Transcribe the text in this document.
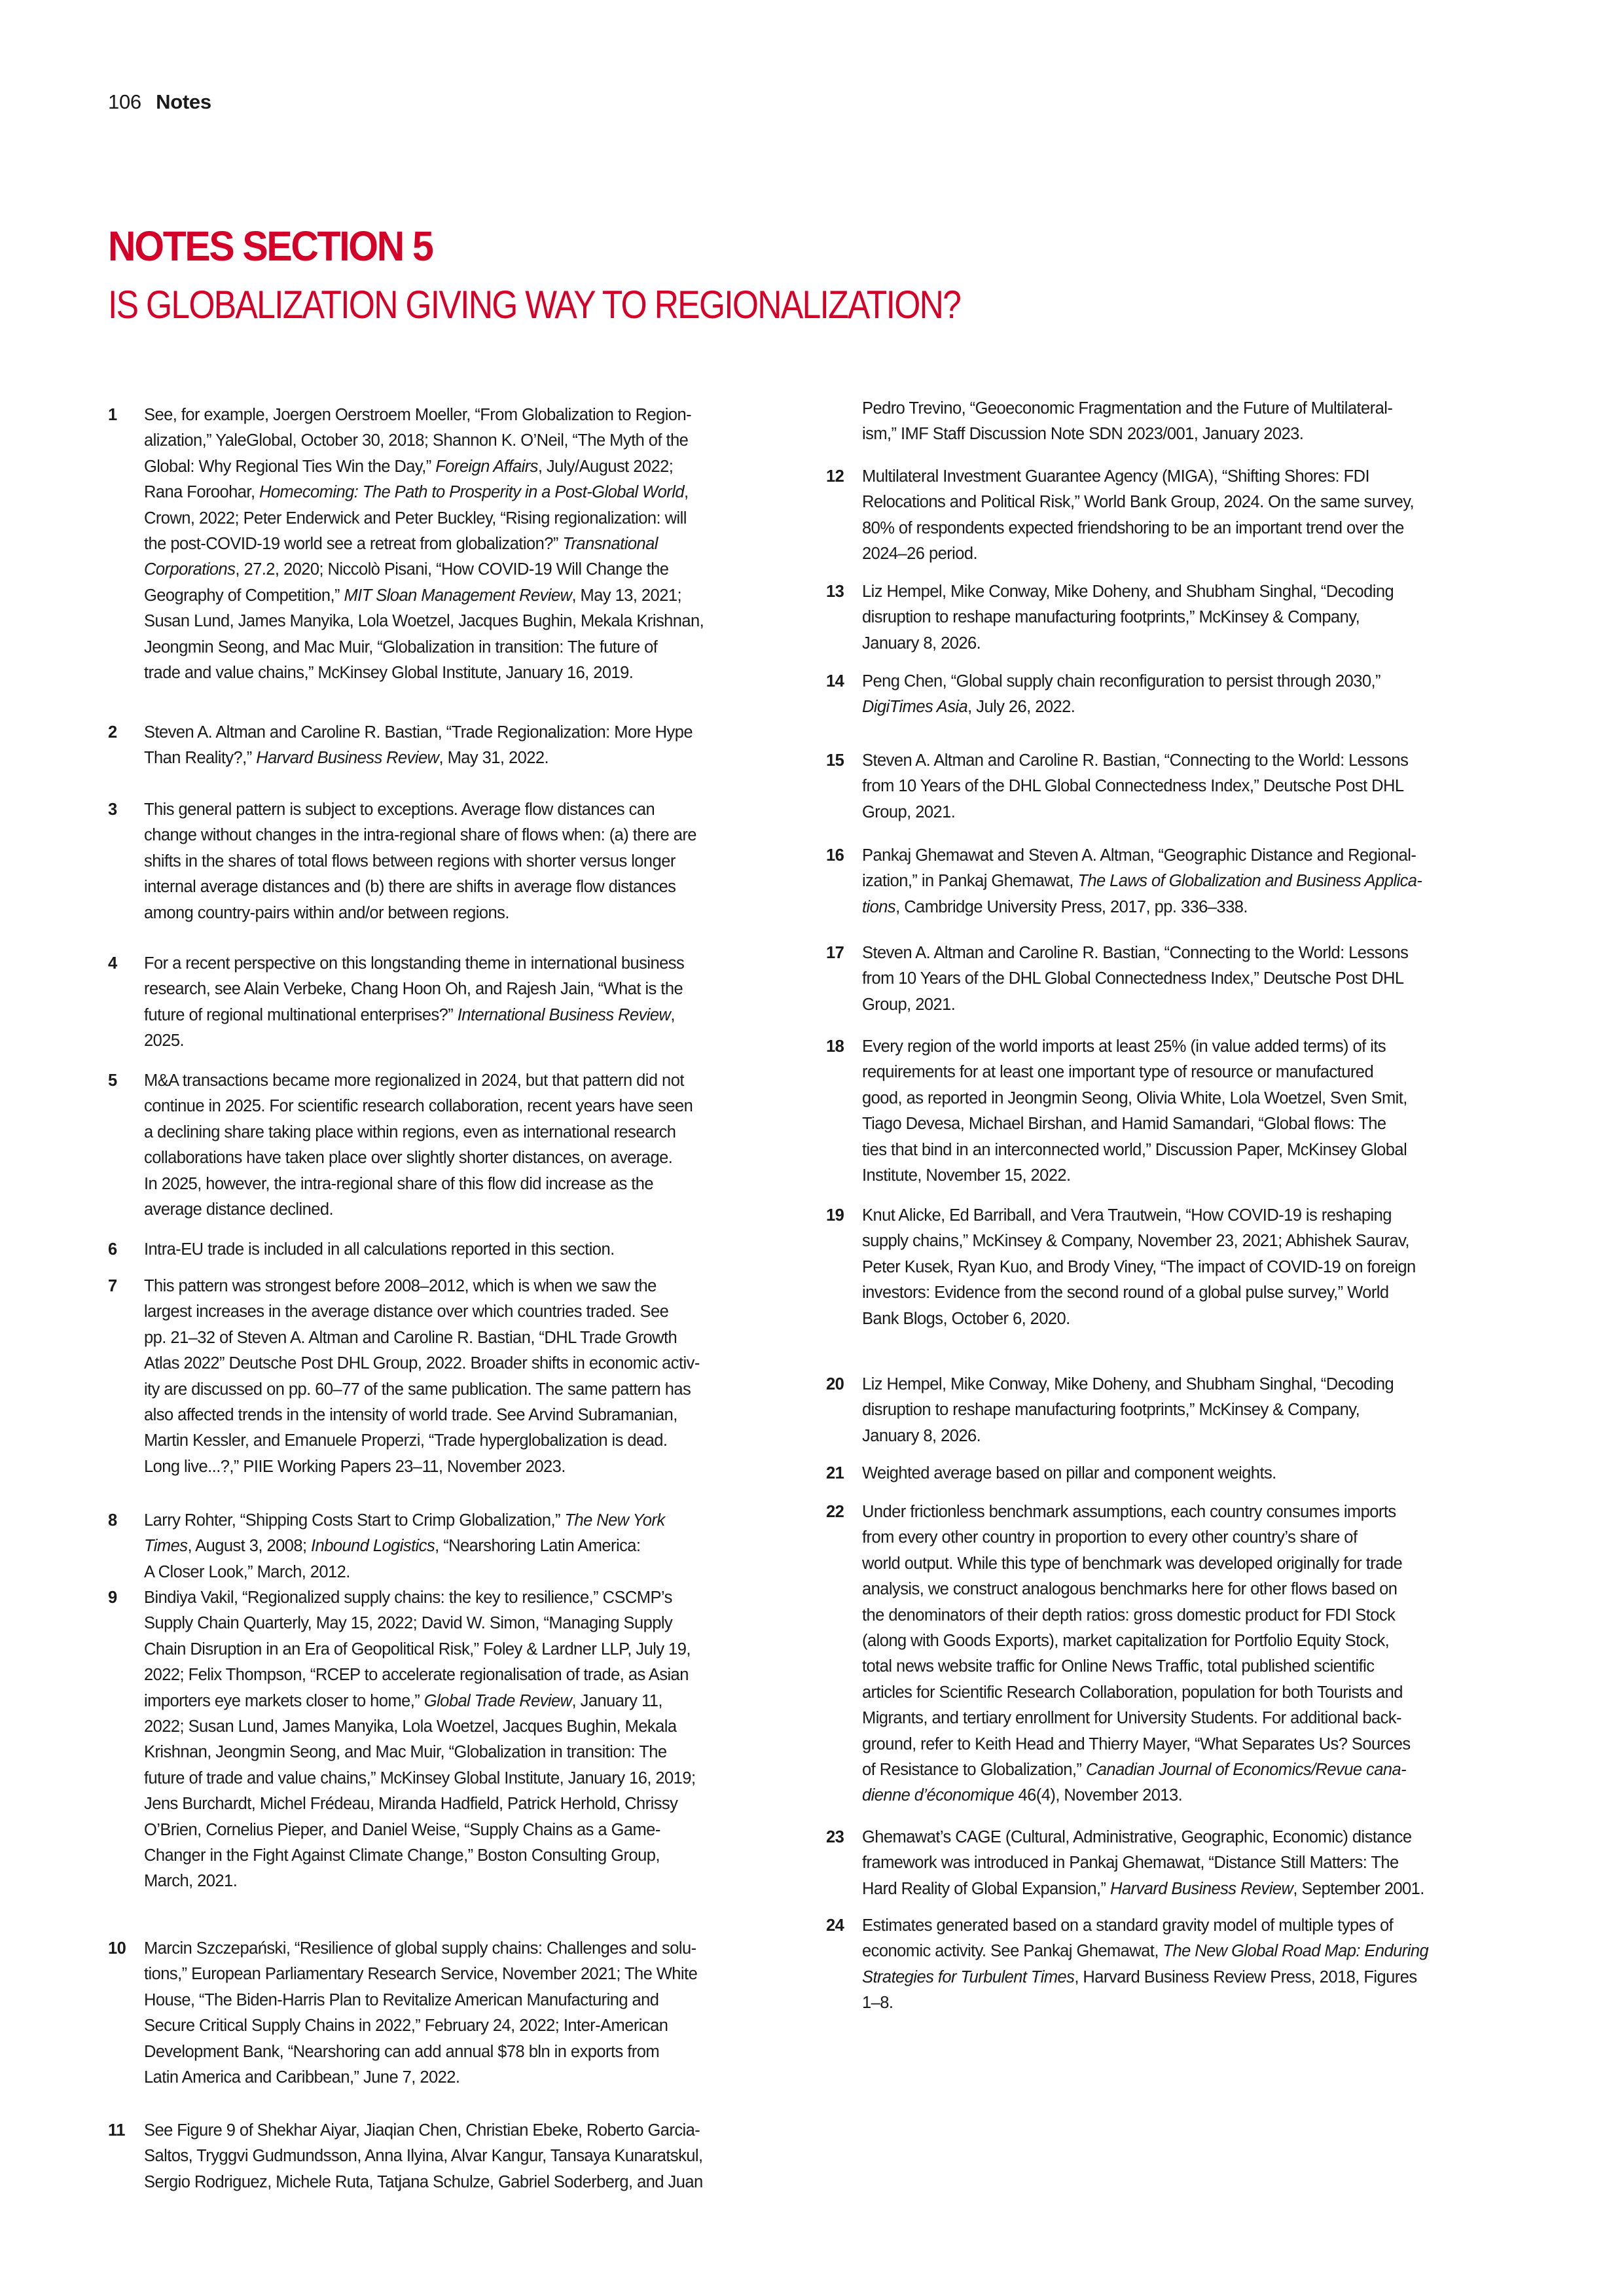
106 Notes
NOTES SECTION 5
IS GLOBALIZATION GIVING WAY TO REGIONALIZATION?
1	See, for example, Joergen Oerstroem Moeller, “From Globalization to Region-
alization,” YaleGlobal, October 30, 2018; Shannon K. O’Neil, “The Myth of the
Global: Why Regional Ties Win the Day,” Foreign Affairs, July/August 2022;
Rana Foroohar, Homecoming: The Path to Prosperity in a Post-Global World,
Crown, 2022; Peter Enderwick and Peter Buckley, “Rising regionalization: will
the post-COVID-19 world see a retreat from globalization?” Transnational
Corporations, 27.2, 2020; Niccolò Pisani, “How COVID-19 Will Change the
Geography of Competition,” MIT Sloan Management Review, May 13, 2021;
Susan Lund, James Manyika, Lola Woetzel, Jacques Bughin, Mekala Krishnan,
Jeongmin Seong, and Mac Muir, “Globalization in transition: The future of
trade and value chains,” McKinsey Global Institute, January 16, 2019.
2	Steven A. Altman and Caroline R. Bastian, “Trade Regionalization: More Hype
Than Reality?,” Harvard Business Review, May 31, 2022.
3	This general pattern is subject to exceptions. Average flow distances can
change without changes in the intra-regional share of flows when: (a) there are
shifts in the shares of total flows between regions with shorter versus longer
internal average distances and (b) there are shifts in average flow distances
among country-pairs within and/or between regions.
4	For a recent perspective on this longstanding theme in international business
research, see Alain Verbeke, Chang Hoon Oh, and Rajesh Jain, “What is the
future of regional multinational enterprises?” International Business Review,
2025.
5	M&A transactions became more regionalized in 2024, but that pattern did not
continue in 2025. For scientific research collaboration, recent years have seen
a declining share taking place within regions, even as international research
collaborations have taken place over slightly shorter distances, on average.
In 2025, however, the intra-regional share of this flow did increase as the
average distance declined.
6	Intra-EU trade is included in all calculations reported in this section.
7	This pattern was strongest before 2008–2012, which is when we saw the
largest increases in the average distance over which countries traded. See
pp. 21–32 of Steven A. Altman and Caroline R. Bastian, “DHL Trade Growth
Atlas 2022” Deutsche Post DHL Group, 2022. Broader shifts in economic activ-
ity are discussed on pp. 60–77 of the same publication. The same pattern has
also affected trends in the intensity of world trade. See Arvind Subramanian,
Martin Kessler, and Emanuele Properzi, “Trade hyperglobalization is dead.
Long live...?,” PIIE Working Papers 23–11, November 2023.
8	Larry Rohter, “Shipping Costs Start to Crimp Globalization,” The New York
Times, August 3, 2008; Inbound Logistics, “Nearshoring Latin America:
A Closer Look,” March, 2012.
9	Bindiya Vakil, “Regionalized supply chains: the key to resilience,” CSCMP’s
Supply Chain Quarterly, May 15, 2022; David W. Simon, “Managing Supply
Chain Disruption in an Era of Geopolitical Risk,” Foley & Lardner LLP, July 19,
2022; Felix Thompson, “RCEP to accelerate regionalisation of trade, as Asian
importers eye markets closer to home,” Global Trade Review, January 11,
2022; Susan Lund, James Manyika, Lola Woetzel, Jacques Bughin, Mekala
Krishnan, Jeongmin Seong, and Mac Muir, “Globalization in transition: The
future of trade and value chains,” McKinsey Global Institute, January 16, 2019;
Jens Burchardt, Michel Frédeau, Miranda Hadfield, Patrick Herhold, Chrissy
O’Brien, Cornelius Pieper, and Daniel Weise, “Supply Chains as a Game-
Changer in the Fight Against Climate Change,” Boston Consulting Group,
March, 2021.
10	Marcin Szczepański, “Resilience of global supply chains: Challenges and solu-
tions,” European Parliamentary Research Service, November 2021; The White
House, “The Biden-Harris Plan to Revitalize American Manufacturing and
Secure Critical Supply Chains in 2022,” February 24, 2022; Inter-American
Development Bank, “Nearshoring can add annual $78 bln in exports from
Latin America and Caribbean,” June 7, 2022.
11	See Figure 9 of Shekhar Aiyar, Jiaqian Chen, Christian Ebeke, Roberto Garcia-
Saltos, Tryggvi Gudmundsson, Anna Ilyina, Alvar Kangur, Tansaya Kunaratskul,
Sergio Rodriguez, Michele Ruta, Tatjana Schulze, Gabriel Soderberg, and Juan
Pedro Trevino, “Geoeconomic Fragmentation and the Future of Multilateral-
ism,” IMF Staff Discussion Note SDN 2023/001, January 2023.
12	Multilateral Investment Guarantee Agency (MIGA), “Shifting Shores: FDI
Relocations and Political Risk,” World Bank Group, 2024. On the same survey,
80% of respondents expected friendshoring to be an important trend over the
2024–26 period.
13	Liz Hempel, Mike Conway, Mike Doheny, and Shubham Singhal, “Decoding
disruption to reshape manufacturing footprints,” McKinsey & Company,
January 8, 2026.
14	Peng Chen, “Global supply chain reconfiguration to persist through 2030,”
DigiTimes Asia, July 26, 2022.
15	Steven A. Altman and Caroline R. Bastian, “Connecting to the World: Lessons
from 10 Years of the DHL Global Connectedness Index,” Deutsche Post DHL
Group, 2021.
16	Pankaj Ghemawat and Steven A. Altman, “Geographic Distance and Regional-
ization,” in Pankaj Ghemawat, The Laws of Globalization and Business Applica-
tions, Cambridge University Press, 2017, pp. 336–338.
17	Steven A. Altman and Caroline R. Bastian, “Connecting to the World: Lessons
from 10 Years of the DHL Global Connectedness Index,” Deutsche Post DHL
Group, 2021.
18	Every region of the world imports at least 25% (in value added terms) of its
requirements for at least one important type of resource or manufactured
good, as reported in Jeongmin Seong, Olivia White, Lola Woetzel, Sven Smit,
Tiago Devesa, Michael Birshan, and Hamid Samandari, “Global flows: The
ties that bind in an interconnected world,” Discussion Paper, McKinsey Global
Institute, November 15, 2022.
19	Knut Alicke, Ed Barriball, and Vera Trautwein, “How COVID-19 is reshaping
supply chains,” McKinsey & Company, November 23, 2021; Abhishek Saurav,
Peter Kusek, Ryan Kuo, and Brody Viney, “The impact of COVID-19 on foreign
investors: Evidence from the second round of a global pulse survey,” World
Bank Blogs, October 6, 2020.
20	Liz Hempel, Mike Conway, Mike Doheny, and Shubham Singhal, “Decoding
disruption to reshape manufacturing footprints,” McKinsey & Company,
January 8, 2026.
21	Weighted average based on pillar and component weights.
22	Under frictionless benchmark assumptions, each country consumes imports
from every other country in proportion to every other country’s share of
world output. While this type of benchmark was developed originally for trade
analysis, we construct analogous benchmarks here for other flows based on
the denominators of their depth ratios: gross domestic product for FDI Stock
(along with Goods Exports), market capitalization for Portfolio Equity Stock,
total news website traffic for Online News Traffic, total published scientific
articles for Scientific Research Collaboration, population for both Tourists and
Migrants, and tertiary enrollment for University Students. For additional back-
ground, refer to Keith Head and Thierry Mayer, “What Separates Us? Sources
of Resistance to Globalization,” Canadian Journal of Economics/Revue cana-
dienne d’économique 46(4), November 2013.
23	Ghemawat’s CAGE (Cultural, Administrative, Geographic, Economic) distance
framework was introduced in Pankaj Ghemawat, “Distance Still Matters: The
Hard Reality of Global Expansion,” Harvard Business Review, September 2001.
24	Estimates generated based on a standard gravity model of multiple types of
economic activity. See Pankaj Ghemawat, The New Global Road Map: Enduring
Strategies for Turbulent Times, Harvard Business Review Press, 2018, Figures
1–8.
